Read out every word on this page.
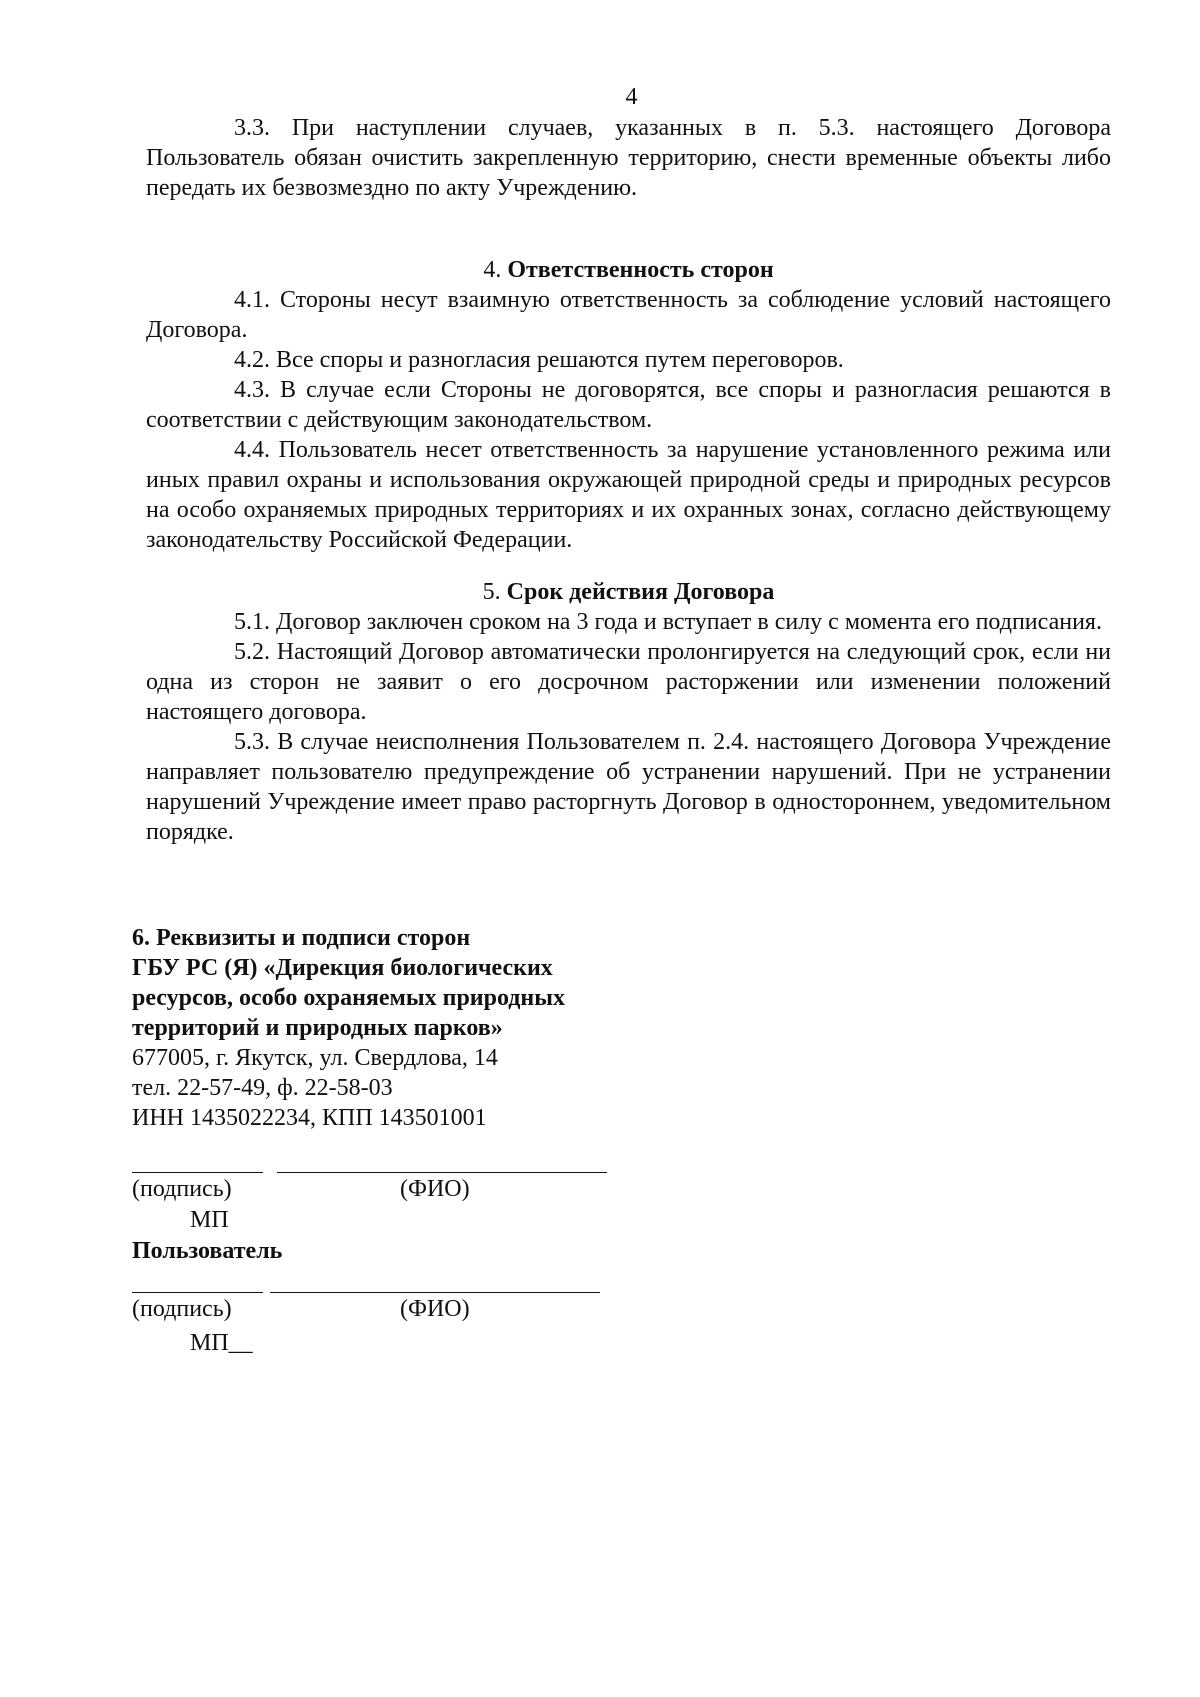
4

3.3. При наступлении случаев, указанных в п. 5.3. настоящего Договора Пользователь обязан очистить закрепленную территорию, снести временные объекты либо передать их безвозмездно по акту Учреждению.

4. Ответственность сторон

4.1. Стороны несут взаимную ответственность за соблюдение условий настоящего Договора.

4.2. Все споры и разногласия решаются путем переговоров.

4.3. В случае если Стороны не договорятся, все споры и разногласия решаются в соответствии с действующим законодательством.

4.4. Пользователь несет ответственность за нарушение установленного режима или иных правил охраны и использования окружающей природной среды и природных ресурсов на особо охраняемых природных территориях и их охранных зонах, согласно действующему законодательству Российской Федерации.

5. Срок действия Договора

5.1. Договор заключен сроком на 3 года и вступает в силу с момента его подписания.

5.2. Настоящий Договор автоматически пролонгируется на следующий срок, если ни одна из сторон не заявит о его досрочном расторжении или изменении положений настоящего договора.

5.3. В случае неисполнения Пользователем п. 2.4. настоящего Договора Учреждение направляет пользователю предупреждение об устранении нарушений. При не устранении нарушений Учреждение имеет право расторгнуть Договор в одностороннем, уведомительном порядке.

6. Реквизиты и подписи сторон

ГБУ РС (Я) «Дирекция биологических

ресурсов, особо охраняемых природных

территорий и природных парков»

677005, г. Якутск, ул. Свердлова, 14

тел. 22-57-49, ф. 22-58-03

ИНН 1435022234, КПП 143501001

(подпись)	(ФИО)
МП
Пользователь
(подпись)	(ФИО)
МП__
